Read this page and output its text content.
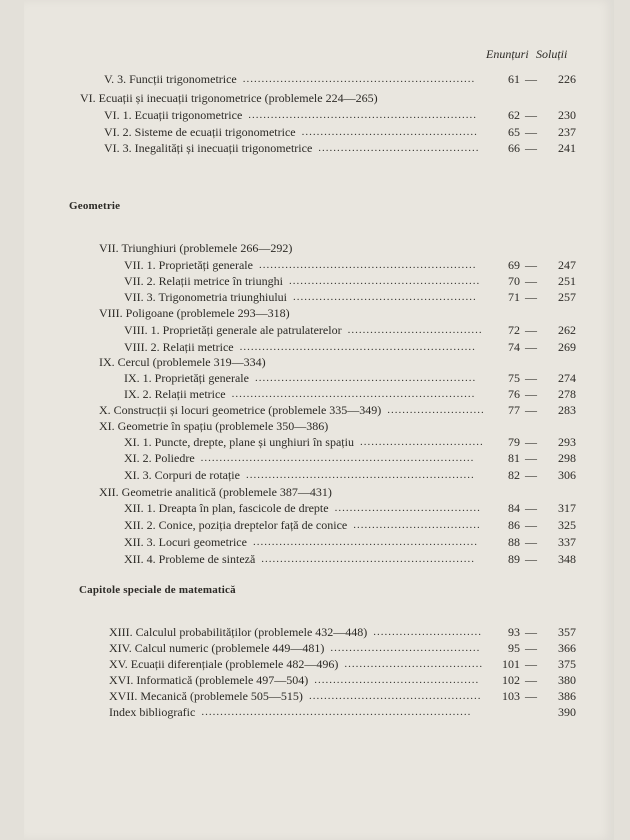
Enunțuri Soluții
V. 3. Funcții trigonometrice ..............................................................	61 —	226
VI. Ecuații și inecuații trigonometrice (problemele 224—265)
VI. 1. Ecuații trigonometrice .............................................................	62 —	230
VI. 2. Sisteme de ecuații trigonometrice ...............................................	65 —	237
VI. 3. Inegalități și inecuații trigonometrice ...........................................	66 —	241
Geometrie
VII. Triunghiuri (problemele 266—292)
VII. 1. Proprietăți generale ..........................................................	69 —	247
VII. 2. Relații metrice în triunghi ...................................................	70 —	251
VII. 3. Trigonometria triunghiului .................................................	71 —	257
VIII. Poligoane (problemele 293—318)
VIII. 1. Proprietăți generale ale patrulaterelor ....................................	72 —	262
VIII. 2. Relații metrice ...............................................................	74 —	269
IX. Cercul (problemele 319—334)
IX. 1. Proprietăți generale ...........................................................	75 —	274
IX. 2. Relații metrice .................................................................	76 —	278
X. Construcții și locuri geometrice (problemele 335—349) ..........................	77 —	283
XI. Geometrie în spațiu (problemele 350—386)
XI. 1. Puncte, drepte, plane și unghiuri în spațiu .................................	79 —	293
XI. 2. Poliedre .........................................................................	81 —	298
XI. 3. Corpuri de rotație .............................................................	82 —	306
XII. Geometrie analitică (problemele 387—431)
XII. 1. Dreapta în plan, fascicole de drepte .......................................	84 —	317
XII. 2. Conice, poziția dreptelor față de conice ..................................	86 —	325
XII. 3. Locuri geometrice ............................................................	88 —	337
XII. 4. Probleme de sinteză .........................................................	89 —	348
Capitole speciale de matematică
XIII. Calculul probabilităților (problemele 432—448) .............................	93 —	357
XIV. Calcul numeric (problemele 449—481) ........................................	95 —	366
XV. Ecuații diferențiale (problemele 482—496) .....................................	101 —	375
XVI. Informatică (problemele 497—504) ............................................	102 —	380
XVII. Mecanică (problemele 505—515) ..............................................	103 —	386
Index bibliografic ........................................................................	390
